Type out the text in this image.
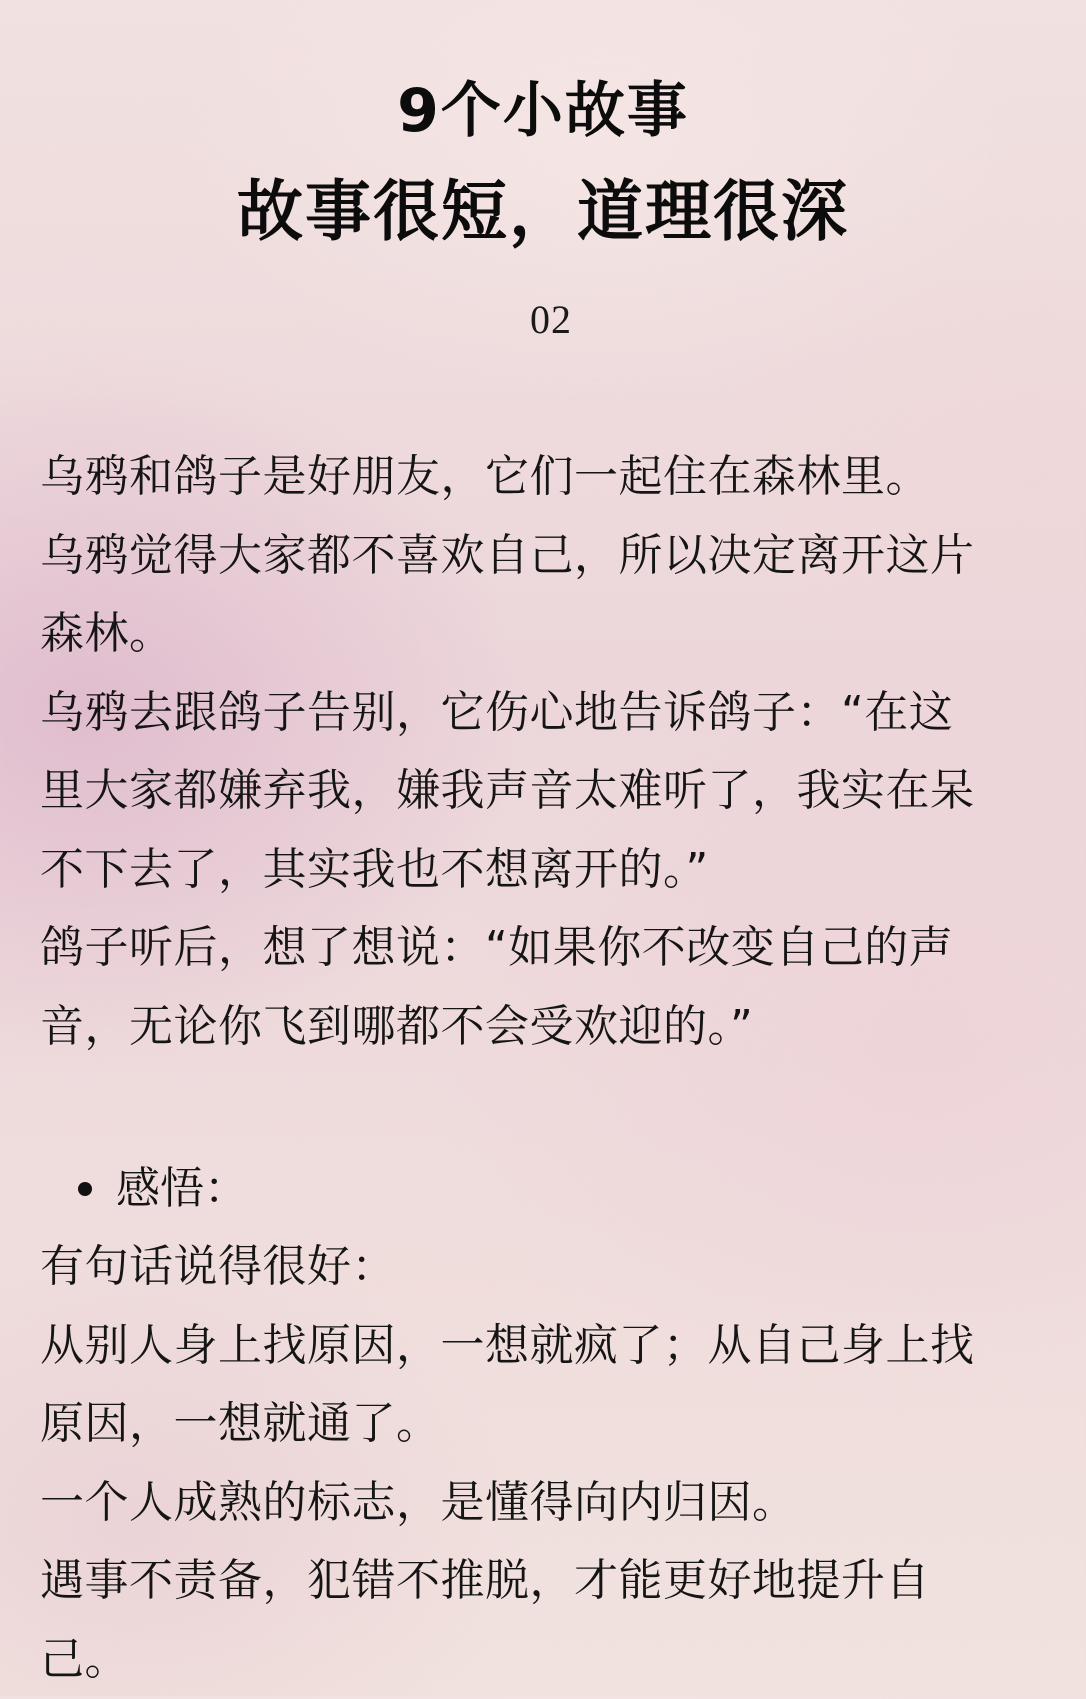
9个小故事
故事很短，道理很深
02
乌鸦和鸽子是好朋友，它们一起住在森林里。
乌鸦觉得大家都不喜欢自己，所以决定离开这片
森林。
乌鸦去跟鸽子告别，它伤心地告诉鸽子：“在这
里大家都嫌弃我，嫌我声音太难听了，我实在呆
不下去了，其实我也不想离开的。”
鸽子听后，想了想说：“如果你不改变自己的声
音，无论你飞到哪都不会受欢迎的。”
感悟：
有句话说得很好：
从别人身上找原因，一想就疯了；从自己身上找
原因，一想就通了。
一个人成熟的标志，是懂得向内归因。
遇事不责备，犯错不推脱，才能更好地提升自
己。
